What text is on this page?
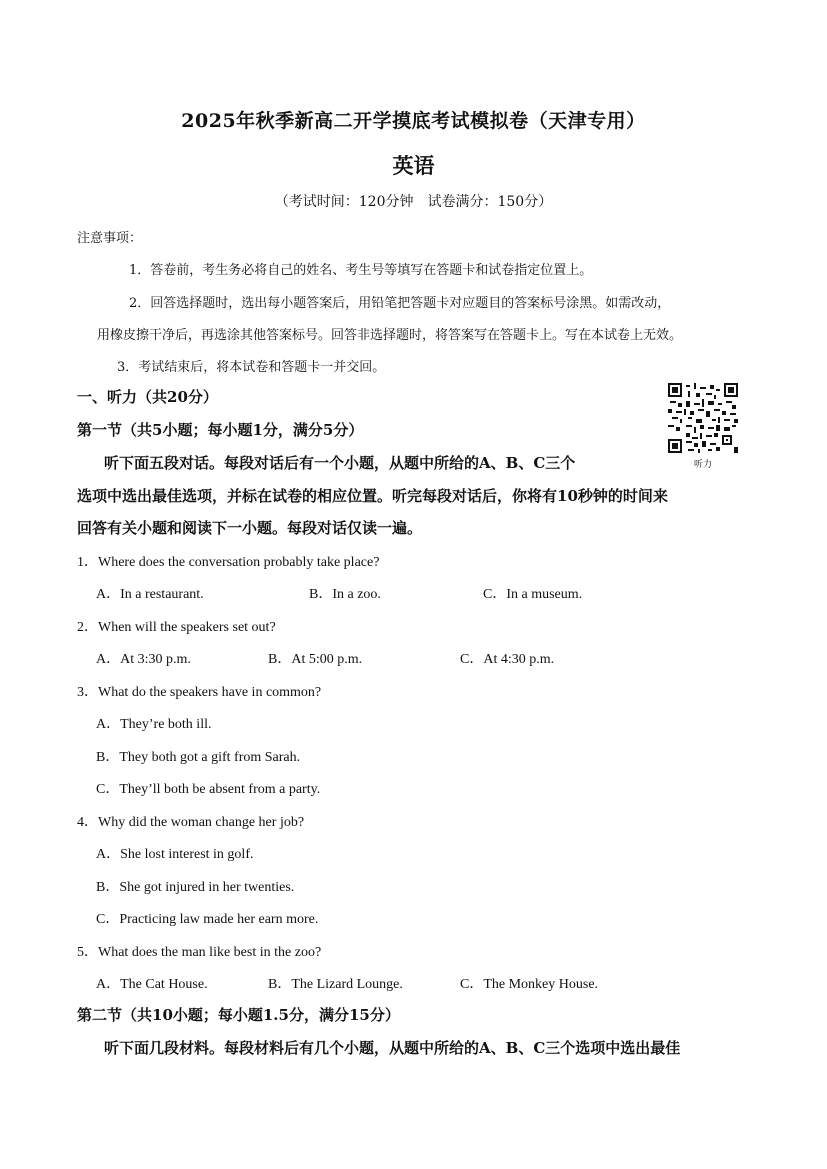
2025年秋季新高二开学摸底考试模拟卷（天津专用）
英语
（考试时间：120分钟　试卷满分：150分）
注意事项：
1．答卷前，考生务必将自己的姓名、考生号等填写在答题卡和试卷指定位置上。
2．回答选择题时，选出每小题答案后，用铅笔把答题卡对应题目的答案标号涂黑。如需改动，
用橡皮擦干净后，再选涂其他答案标号。回答非选择题时，将答案写在答题卡上。写在本试卷上无效。
3．考试结束后，将本试卷和答题卡一并交回。
一、听力（共20分）
第一节（共5小题；每小题1分，满分5分）
听力
听下面五段对话。每段对话后有一个小题，从题中所给的A、B、C三个
选项中选出最佳选项，并标在试卷的相应位置。听完每段对话后，你将有10秒钟的时间来
回答有关小题和阅读下一小题。每段对话仅读一遍。
1．Where does the conversation probably take place?
A．In a restaurant.	B．In a zoo.	C．In a museum.
2．When will the speakers set out?
A．At 3:30 p.m.	B．At 5:00 p.m.	C．At 4:30 p.m.
3．What do the speakers have in common?
A．They’re both ill.
B．They both got a gift from Sarah.
C．They’ll both be absent from a party.
4．Why did the woman change her job?
A．She lost interest in golf.
B．She got injured in her twenties.
C．Practicing law made her earn more.
5．What does the man like best in the zoo?
A．The Cat House.	B．The Lizard Lounge.	C．The Monkey House.
第二节（共10小题；每小题1.5分，满分15分）
听下面几段材料。每段材料后有几个小题，从题中所给的A、B、C三个选项中选出最佳
